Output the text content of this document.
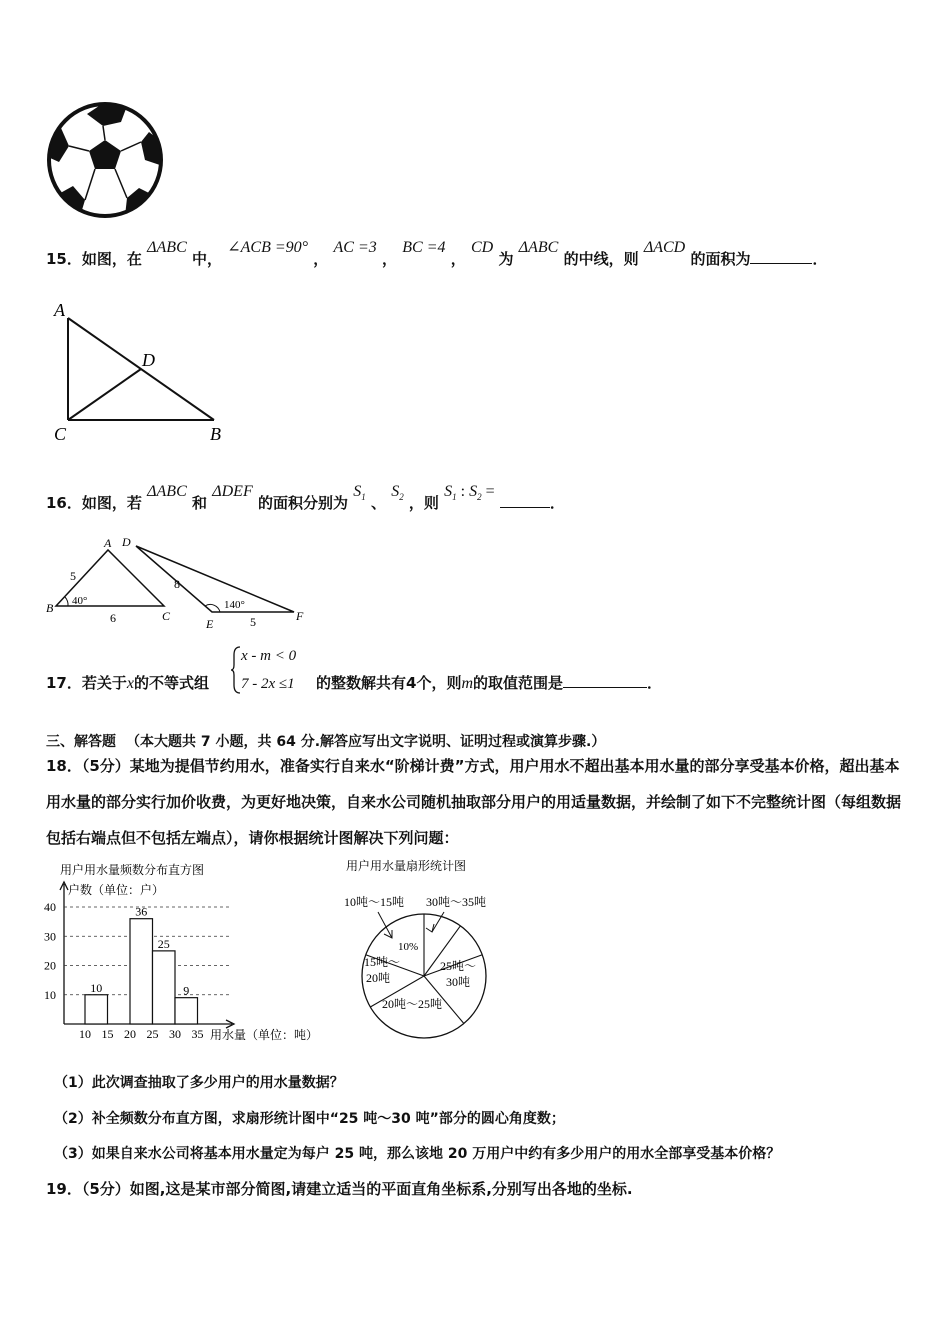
15．如图，在 ΔABC 中， ∠ACB =90° ， AC =3 ， BC =4 ， CD 为 ΔABC 的中线，则 ΔACD 的面积为	．
A
D
C	B
16．如图，若 ΔABC 和 ΔDEF 的面积分别为 $S_1$ 、 $S_2$ ，则 $S_1$ : $S_2$ = ．
A
B
C
5
6
40°
D
E
F
8
5
140°
17．若关于x的不等式组
x - m < 0
7 - 2x ≤1 的整数解共有4个，则m的取值范围是	．
三、解答题 （本大题共 7 小题，共 64 分.解答应写出文字说明、证明过程或演算步骤.）
18．（5分）某地为提倡节约用水，准备实行自来水“阶梯计费”方式，用户用水不超出基本用水量的部分享受基本价格，超出基本用水量的部分实行加价收费，为更好地决策，自来水公司随机抽取部分用户的用适量数据，并绘制了如下不完整统计图（每组数据包括右端点但不包括左端点），请你根据统计图解决下列问题：
用户用水量频数分布直方图
户数（单位：户）
10
20
30
40
10
36
25
9
10 15 20 25 30 35 用水量（单位：吨）
用户用水量扇形统计图
10吨～15吨 30吨～35吨
10%
15吨～
20吨
25吨～
30吨
20吨～25吨
（1）此次调查抽取了多少用户的用水量数据？
（2）补全频数分布直方图，求扇形统计图中“25 吨～30 吨”部分的圆心角度数；
（3）如果自来水公司将基本用水量定为每户 25 吨，那么该地 20 万用户中约有多少用户的用水全部享受基本价格？
19．（5分）如图,这是某市部分简图,请建立适当的平面直角坐标系,分别写出各地的坐标.
